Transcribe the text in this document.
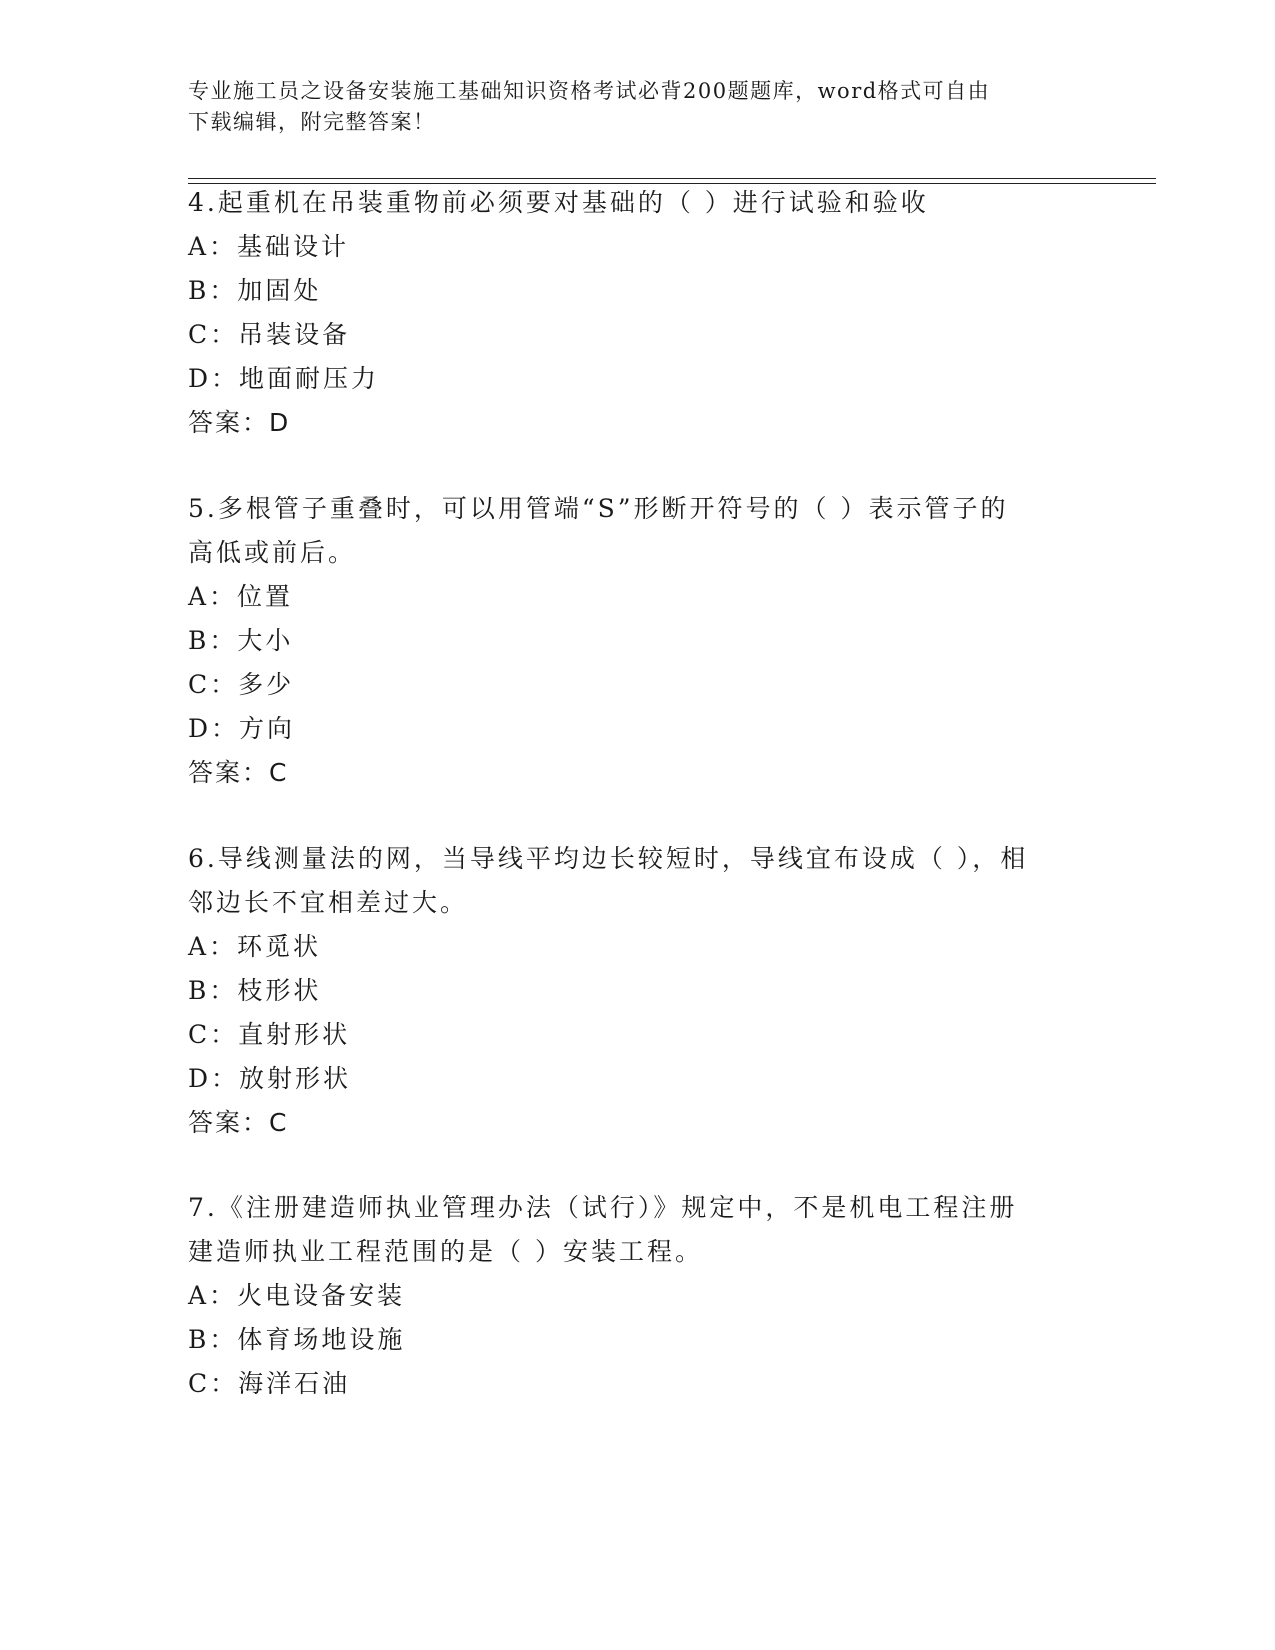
专业施工员之设备安装施工基础知识资格考试必背200题题库，word格式可自由
下载编辑，附完整答案！
4.起重机在吊装重物前必须要对基础的（ ）进行试验和验收
A：基础设计
B：加固处
C：吊装设备
D：地面耐压力
答案：D
5.多根管子重叠时，可以用管端“S”形断开符号的（ ）表示管子的
高低或前后。
A：位置
B：大小
C：多少
D：方向
答案：C
6.导线测量法的网，当导线平均边长较短时，导线宜布设成（ ），相
邻边长不宜相差过大。
A：环觅状
B：枝形状
C：直射形状
D：放射形状
答案：C
7.《注册建造师执业管理办法（试行）》规定中，不是机电工程注册
建造师执业工程范围的是（ ）安装工程。
A：火电设备安装
B：体育场地设施
C：海洋石油
